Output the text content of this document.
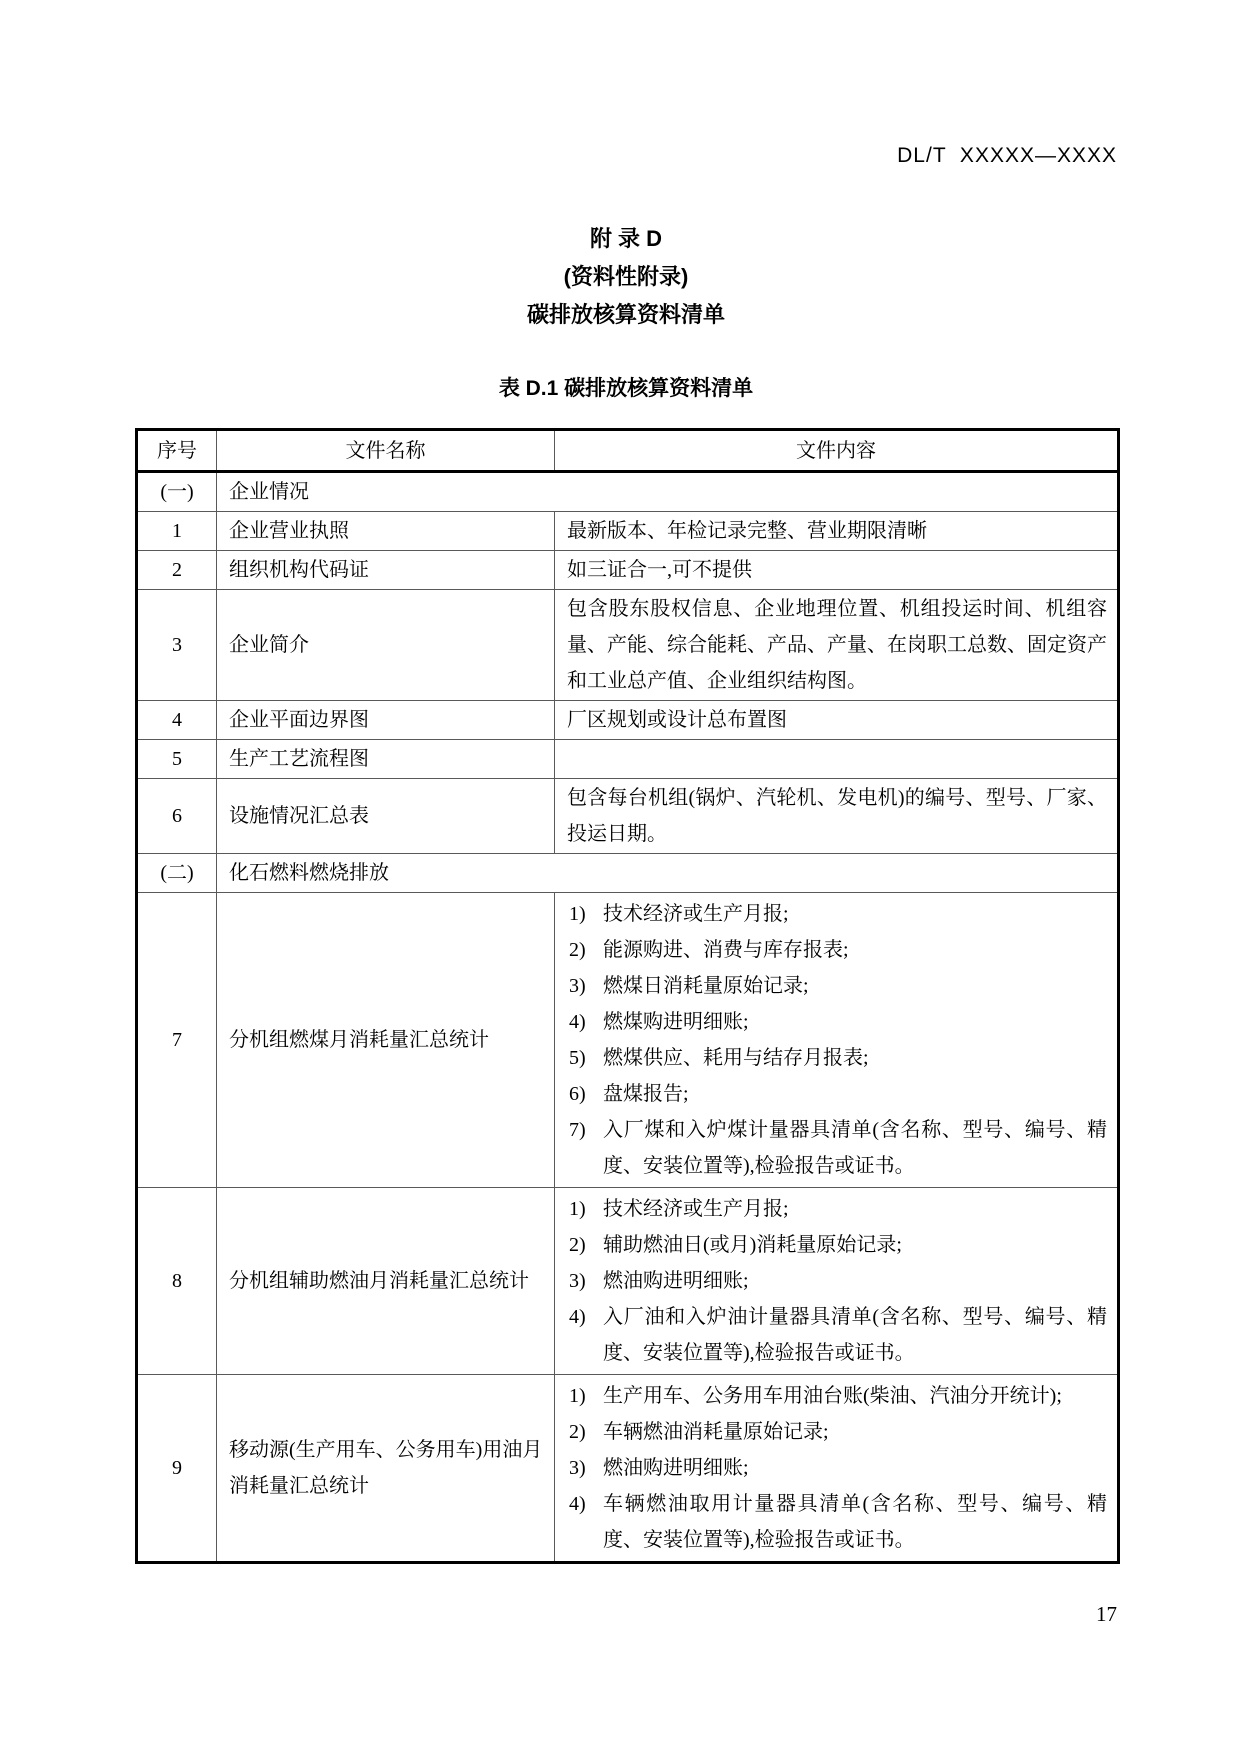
DL/T  XXXXX—XXXX
附 录 D
(资料性附录)
碳排放核算资料清单
表 D.1 碳排放核算资料清单
序号	文件名称	文件内容
(一)	企业情况	
1	企业营业执照	最新版本、年检记录完整、营业期限清晰

2	组织机构代码证	如三证合一,可不提供

3	企业简介	包含股东股权信息、企业地理位置、机组投运时间、机组容量、产能、综合能耗、产品、产量、在岗职工总数、固定资产和工业总产值、企业组织结构图。

4	企业平面边界图	厂区规划或设计总布置图

5	生产工艺流程图	
6	设施情况汇总表	包含每台机组(锅炉、汽轮机、发电机)的编号、型号、厂家、投运日期。

(二)	化石燃料燃烧排放	
7	分机组燃煤月消耗量汇总统计	
1) 技术经济或生产月报;
2) 能源购进、消费与库存报表;
3) 燃煤日消耗量原始记录;
4) 燃煤购进明细账;
5) 燃煤供应、耗用与结存月报表;
6) 盘煤报告;
7) 入厂煤和入炉煤计量器具清单(含名称、型号、编号、精度、安装位置等),检验报告或证书。

8	分机组辅助燃油月消耗量汇总统计	
1) 技术经济或生产月报;
2) 辅助燃油日(或月)消耗量原始记录;
3) 燃油购进明细账;
4) 入厂油和入炉油计量器具清单(含名称、型号、编号、精度、安装位置等),检验报告或证书。

9	移动源(生产用车、公务用车)用油月消耗量汇总统计	
1) 生产用车、公务用车用油台账(柴油、汽油分开统计);
2) 车辆燃油消耗量原始记录;
3) 燃油购进明细账;
4) 车辆燃油取用计量器具清单(含名称、型号、编号、精度、安装位置等),检验报告或证书。
17
